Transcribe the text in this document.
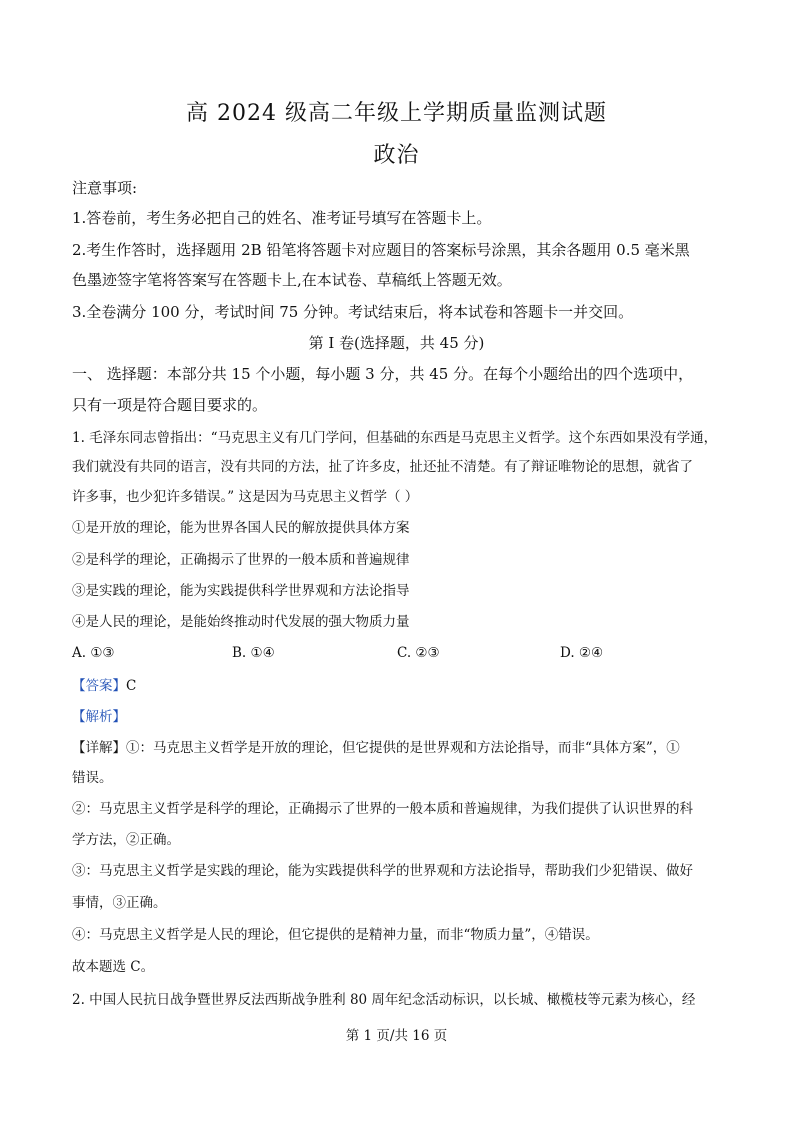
高 2024 级高二年级上学期质量监测试题
政治
注意事项:
1.答卷前，考生务必把自己的姓名、准考证号填写在答题卡上。
2.考生作答时，选择题用 2B 铅笔将答题卡对应题目的答案标号涂黑，其余各题用 0.5 毫米黑
色墨迹签字笔将答案写在答题卡上,在本试卷、草稿纸上答题无效。
3.全卷满分 100 分，考试时间 75 分钟。考试结束后，将本试卷和答题卡一并交回。
第 I 卷(选择题，共 45 分)
一、 选择题：本部分共 15 个小题，每小题 3 分，共 45 分。在每个小题给出的四个选项中，
只有一项是符合题目要求的。
1. 毛泽东同志曾指出：“马克思主义有几门学问，但基础的东西是马克思主义哲学。这个东西如果没有学通，
我们就没有共同的语言，没有共同的方法，扯了许多皮，扯还扯不清楚。有了辩证唯物论的思想，就省了
许多事，也少犯许多错误。” 这是因为马克思主义哲学（ ）
①是开放的理论，能为世界各国人民的解放提供具体方案
②是科学的理论，正确揭示了世界的一般本质和普遍规律
③是实践的理论，能为实践提供科学世界观和方法论指导
④是人民的理论，是能始终推动时代发展的强大物质力量
A. ①③	B. ①④	C. ②③	D. ②④
【答案】C
【解析】
【详解】①：马克思主义哲学是开放的理论，但它提供的是世界观和方法论指导，而非“具体方案”，①
错误。
②：马克思主义哲学是科学的理论，正确揭示了世界的一般本质和普遍规律，为我们提供了认识世界的科
学方法，②正确。
③：马克思主义哲学是实践的理论，能为实践提供科学的世界观和方法论指导，帮助我们少犯错误、做好
事情，③正确。
④：马克思主义哲学是人民的理论，但它提供的是精神力量，而非“物质力量”，④错误。
故本题选 C。
2. 中国人民抗日战争暨世界反法西斯战争胜利 80 周年纪念活动标识，以长城、橄榄枝等元素为核心，经
第 1 页/共 16 页
